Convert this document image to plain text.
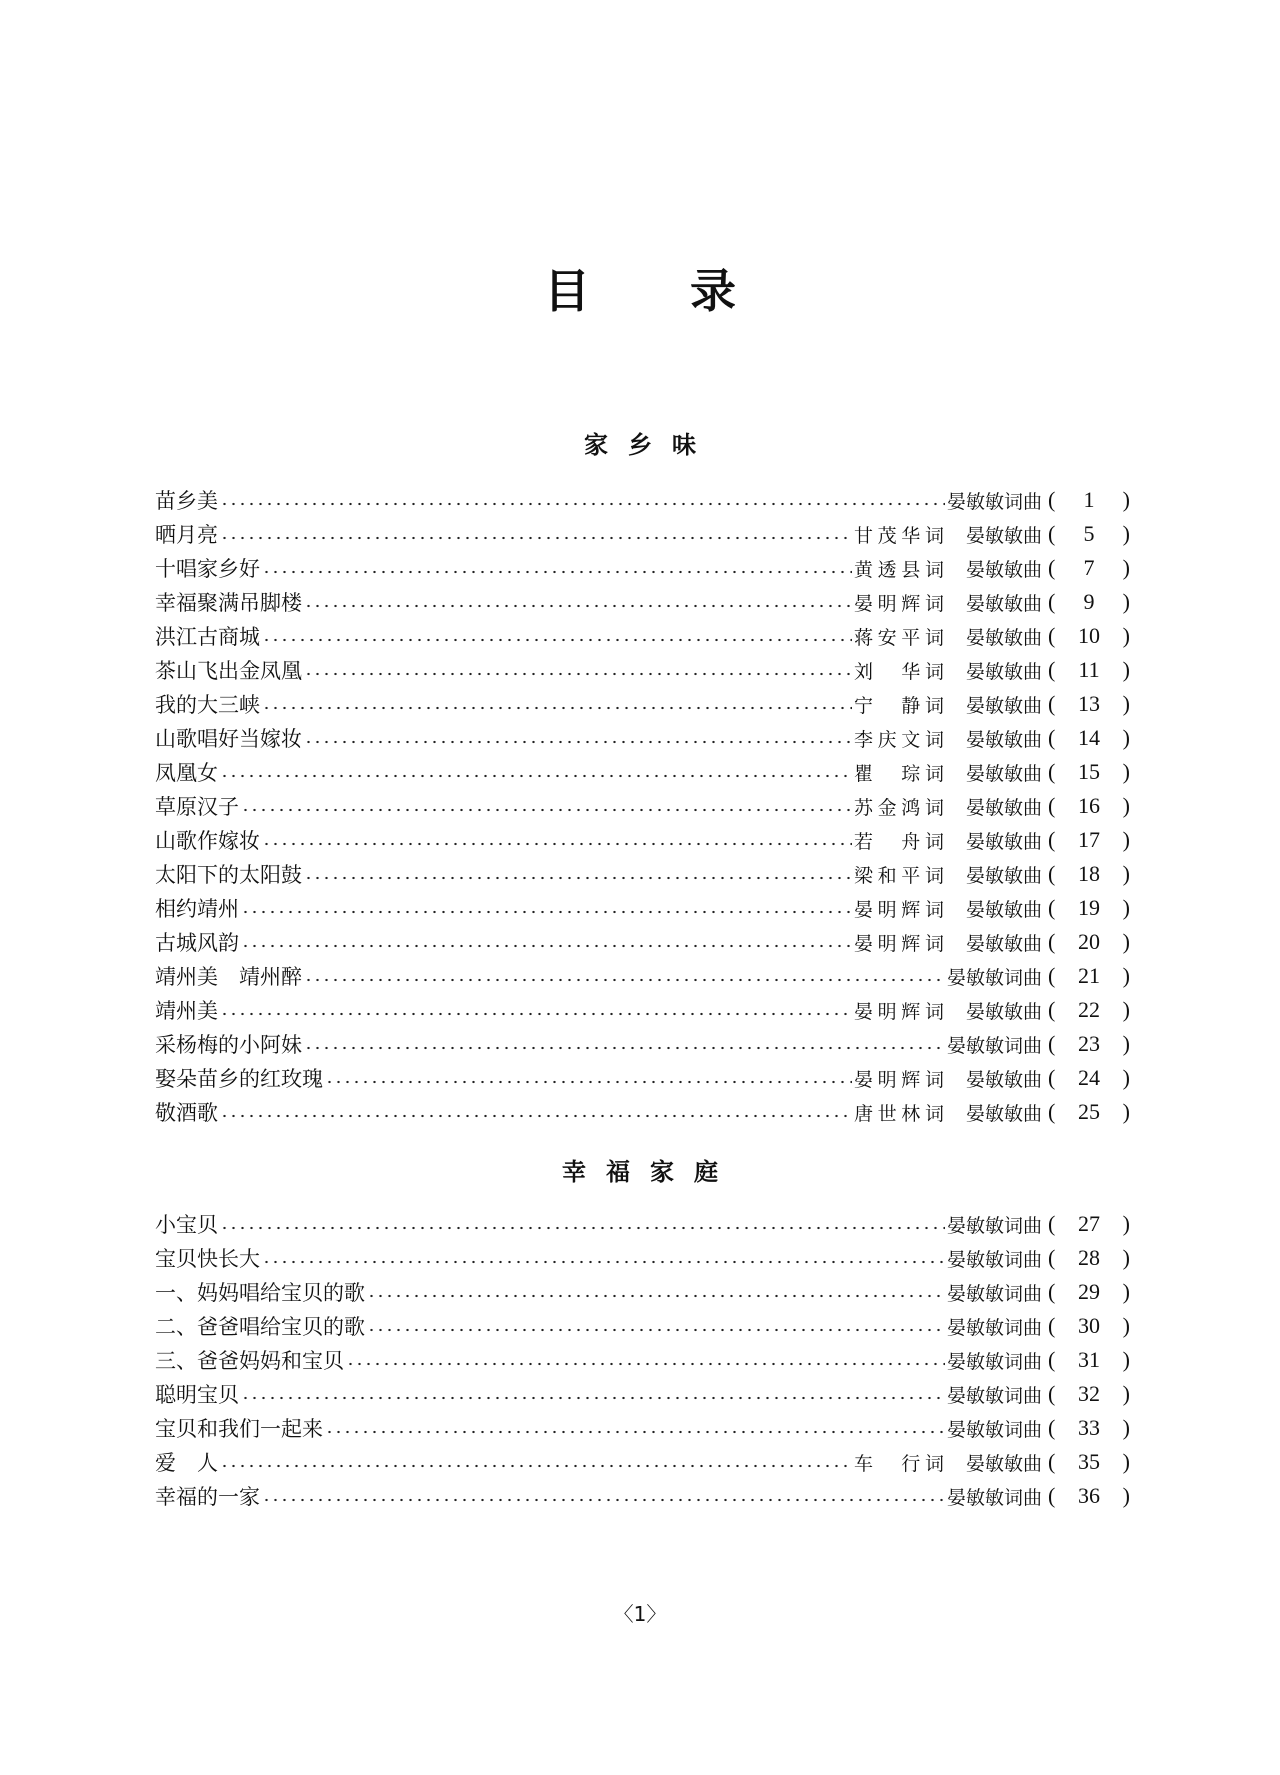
目 录
家 乡 味
苗乡美	晏敏敏词曲 (	1	)
晒月亮	甘茂华词 晏敏敏曲 (	5	)
十唱家乡好	黄透县词 晏敏敏曲 (	7	)
幸福聚满吊脚楼	晏明辉词 晏敏敏曲 (	9	)
洪江古商城	蒋安平词 晏敏敏曲 (	10	)
茶山飞出金凤凰	刘　华词 晏敏敏曲 (	11	)
我的大三峡	宁　静词 晏敏敏曲 (	13	)
山歌唱好当嫁妆	李庆文词 晏敏敏曲 (	14	)
凤凰女	瞿　琮词 晏敏敏曲 (	15	)
草原汉子	苏金鸿词 晏敏敏曲 (	16	)
山歌作嫁妆	若　舟词 晏敏敏曲 (	17	)
太阳下的太阳鼓	梁和平词 晏敏敏曲 (	18	)
相约靖州	晏明辉词 晏敏敏曲 (	19	)
古城风韵	晏明辉词 晏敏敏曲 (	20	)
靖州美　靖州醉	晏敏敏词曲 (	21	)
靖州美	晏明辉词 晏敏敏曲 (	22	)
采杨梅的小阿妹	晏敏敏词曲 (	23	)
娶朵苗乡的红玫瑰	晏明辉词 晏敏敏曲 (	24	)
敬酒歌	唐世林词 晏敏敏曲 (	25	)
幸 福 家 庭
小宝贝	晏敏敏词曲 (	27	)
宝贝快长大	晏敏敏词曲 (	28	)
一、妈妈唱给宝贝的歌	晏敏敏词曲 (	29	)
二、爸爸唱给宝贝的歌	晏敏敏词曲 (	30	)
三、爸爸妈妈和宝贝	晏敏敏词曲 (	31	)
聪明宝贝	晏敏敏词曲 (	32	)
宝贝和我们一起来	晏敏敏词曲 (	33	)
爱　人	车　行词 晏敏敏曲 (	35	)
幸福的一家	晏敏敏词曲 (	36	)
〈1〉
